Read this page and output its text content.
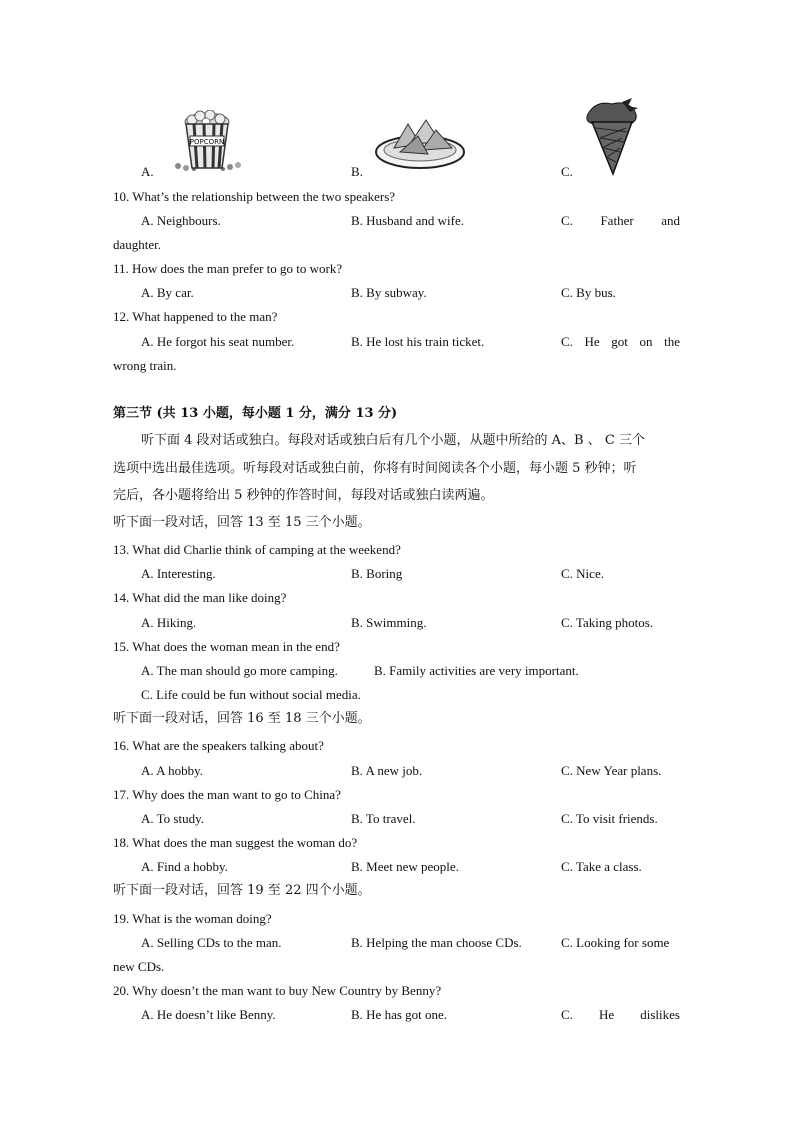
POPCORN
A.	B.	C.
10. What’s the relationship between the two speakers?
A. Neighbours.	B. Husband and wife.	C. Father and
daughter.
11. How does the man prefer to go to work?
A. By car.	B. By subway.	C. By bus.
12. What happened to the man?
A. He forgot his seat number.	B. He lost his train ticket.	C. He got on the
wrong train.
第三节 (共 13 小题，每小题 1 分，满分 13 分)
听下面 4 段对话或独白。每段对话或独白后有几个小题，从题中所给的 A、B 、 C 三个
选项中选出最佳选项。听每段对话或独白前，你将有时间阅读各个小题，每小题 5 秒钟；听
完后，各小题将给出 5 秒钟的作答时间，每段对话或独白读两遍。
听下面一段对话，回答 13 至 15 三个小题。
13. What did Charlie think of camping at the weekend?
A. Interesting.	B. Boring	C. Nice.
14. What did the man like doing?
A. Hiking.	B. Swimming.	C. Taking photos.
15. What does the woman mean in the end?
A. The man should go more camping.	B. Family activities are very important.
C. Life could be fun without social media.
听下面一段对话，回答 16 至 18 三个小题。
16. What are the speakers talking about?
A. A hobby.	B. A new job.	C. New Year plans.
17. Why does the man want to go to China?
A. To study.	B. To travel.	C. To visit friends.
18. What does the man suggest the woman do?
A. Find a hobby.	B. Meet new people.	C. Take a class.
听下面一段对话，回答 19 至 22 四个小题。
19. What is the woman doing?
A. Selling CDs to the man.	B. Helping the man choose CDs.	C. Looking for some
new CDs.
20. Why doesn’t the man want to buy New Country by Benny?
A. He doesn’t like Benny.	B. He has got one.	C. He dislikes
